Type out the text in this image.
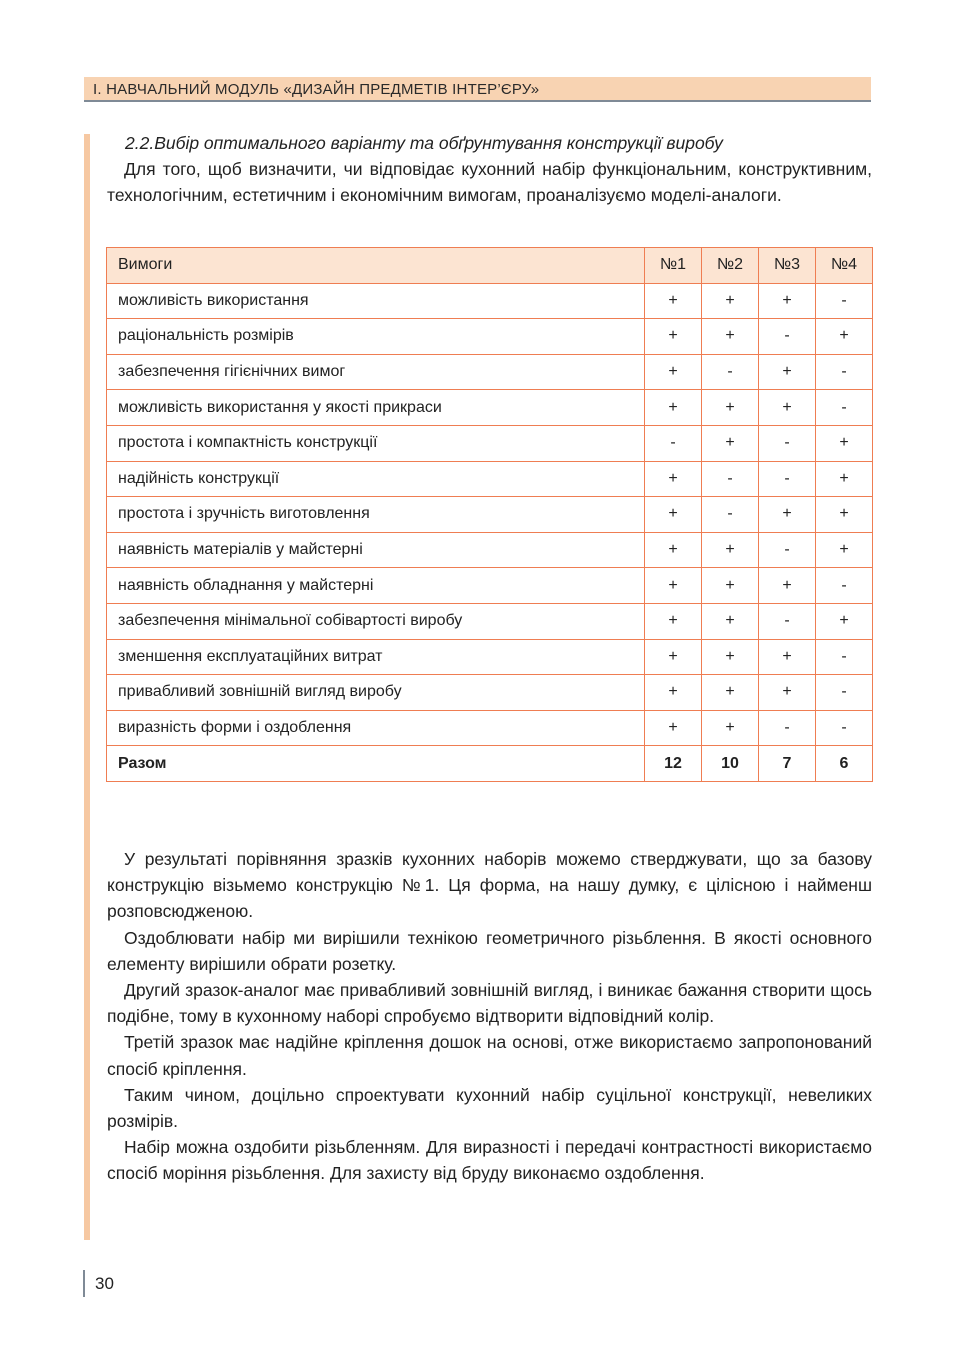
І. НАВЧАЛЬНИЙ МОДУЛЬ «ДИЗАЙН ПРЕДМЕТІВ ІНТЕР’ЄРУ»

2.2.Вибір оптимального варіанту та обґрунтування конструкції виробу

Для того, щоб визначити, чи відповідає кухонний набір функціональним, конструктивним, технологічним, естетичним і економічним вимогам, проаналізуємо моделі-аналоги.

Вимоги	№1	№2	№3	№4
можливість використання	+	+	+	-
раціональність розмірів	+	+	-	+
забезпечення гігієнічних вимог	+	-	+	-
можливість використання у якості прикраси	+	+	+	-
простота і компактність конструкції	-	+	-	+
надійність конструкції	+	-	-	+
простота і зручність виготовлення	+	-	+	+
наявність матеріалів у майстерні	+	+	-	+
наявність обладнання у майстерні	+	+	+	-
забезпечення мінімальної собівартості виробу	+	+	-	+
зменшення експлуатаційних витрат	+	+	+	-
привабливий зовнішній вигляд виробу	+	+	+	-
виразність форми і оздоблення	+	+	-	-
Разом	12	10	7	6

У результаті порівняння зразків кухонних наборів можемо стверджувати, що за базову конструкцію візьмемо конструкцію №1. Ця форма, на нашу думку, є цілісною і найменш розповсюдженою.

Оздоблювати набір ми вирішили технікою геометричного різьблення. В якості основного елементу вирішили обрати розетку.

Другий зразок-аналог має привабливий зовнішній вигляд, і виникає бажання створити щось подібне, тому в кухонному наборі спробуємо відтворити відповідний колір.

Третій зразок має надійне кріплення дошок на основі, отже використаємо запропонований спосіб кріплення.

Таким чином, доцільно спроектувати кухонний набір суцільної конструкції, невеликих розмірів.

Набір можна оздобити різьбленням. Для виразності і передачі контрастності використаємо спосіб моріння різьблення. Для захисту від бруду виконаємо оздоблення.

30
